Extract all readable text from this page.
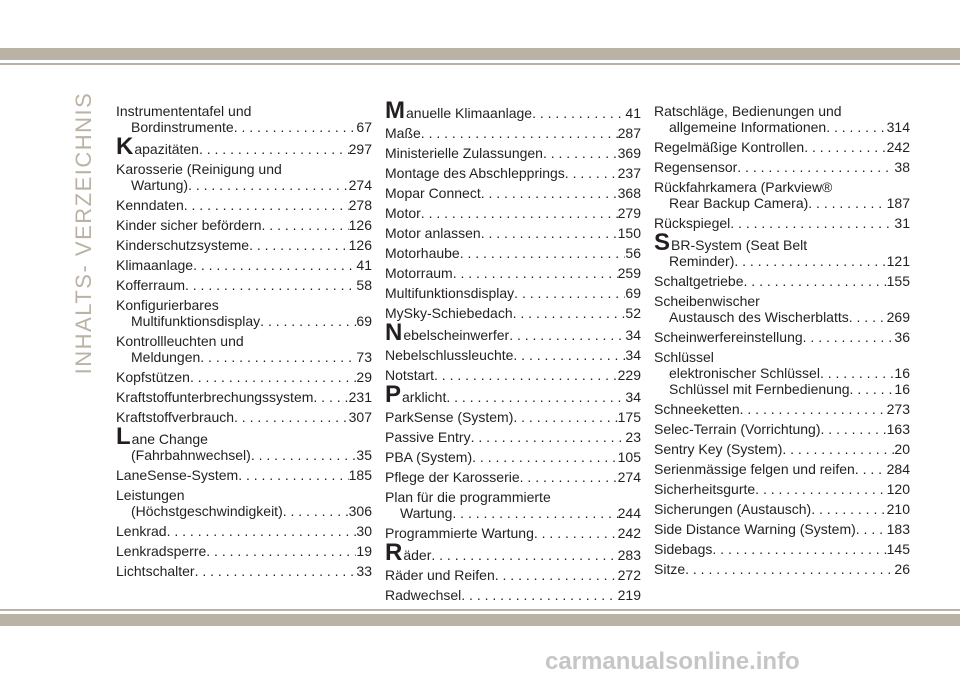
INHALTS- VERZEICHNIS Instrumententafel und
Bordinstrumente . . .	67
K apazitäten . . .	297
Karosserie (Reinigung und
Wartung) . . .	274
Kenndaten . . .	278
Kinder sicher befördern . . .	126
Kinderschutzsysteme . . .	126
Klimaanlage . . .	41
Kofferraum . . .	58
Konfigurierbares
Multifunktionsdisplay . . .	69
Kontrollleuchten und
Meldungen . . .	73
Kopfstützen . . .	29
Kraftstoffunterbrechungssystem . . .	231
Kraftstoffverbrauch . . .	307
L ane Change
(Fahrbahnwechsel) . . .	35
LaneSense-System . . .	185
Leistungen
(Höchstgeschwindigkeit) . . .	306
Lenkrad . . .	30
Lenkradsperre . . .	19
Lichtschalter . . .	33
M anuelle Klimaanlage . . .	41
Maße . . .	287
Ministerielle Zulassungen . . .	369
Montage des Abschlepprings . . .	237
Mopar Connect . . .	368
Motor . . .	279
Motor anlassen . . .	150
Motorhaube . . .	56
Motorraum . . .	259
Multifunktionsdisplay . . .	69
MySky-Schiebedach . . .	52
N ebelscheinwerfer . . .	34
Nebelschlussleuchte . . .	34
Notstart . . .	229
P arklicht . . .	34
ParkSense (System) . . .	175
Passive Entry . . .	23
PBA (System) . . .	105
Pflege der Karosserie . . .	274
Plan für die programmierte
Wartung . . .	244
Programmierte Wartung . . .	242
R äder . . .	283
Räder und Reifen . . .	272
Radwechsel . . .	219
Ratschläge, Bedienungen und
allgemeine Informationen . . .	314
Regelmäßige Kontrollen . . .	242
Regensensor . . .	38
Rückfahrkamera (Parkview®
Rear Backup Camera) . . .	187
Rückspiegel . . .	31
S BR-System (Seat Belt
Reminder) . . .	121
Schaltgetriebe . . .	155
Scheibenwischer
Austausch des Wischerblatts . . .	269
Scheinwerfereinstellung . . .	36
Schlüssel
elektronischer Schlüssel . . .	16
Schlüssel mit Fernbedienung . . .	16
Schneeketten . . .	273
Selec-Terrain (Vorrichtung) . . .	163
Sentry Key (System) . . .	20
Serienmässige felgen und reifen . . . 284
Sicherheitsgurte . . .	120
Sicherungen (Austausch) . . .	210
Side Distance Warning (System) . . . 183
Sidebags . . .	145
Sitze . . .	26
carmanualsonline.info
